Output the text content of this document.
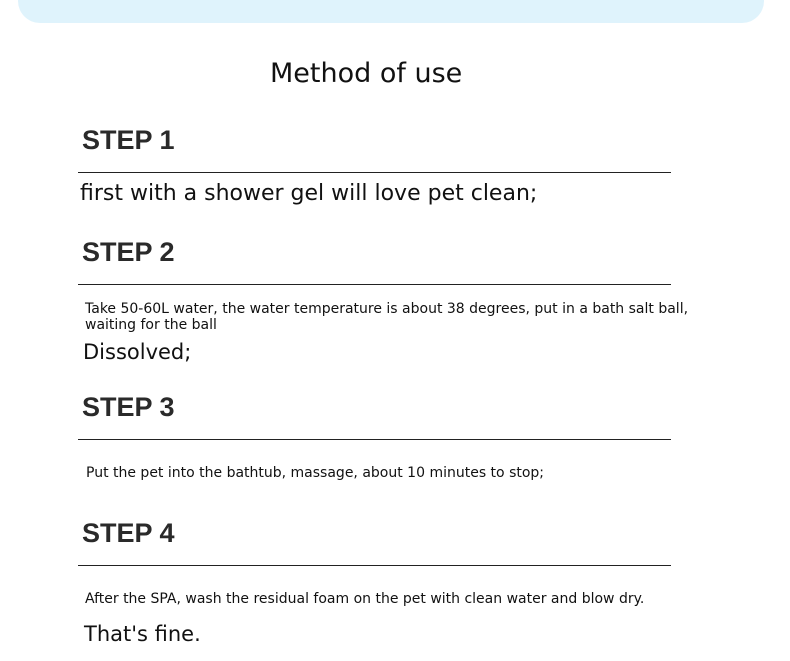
Method of use
STEP 1
first with a shower gel will love pet clean;
STEP 2
Take 50-60L water, the water temperature is about 38 degrees, put in a bath salt ball, waiting for the ball
Dissolved;
STEP 3
Put the pet into the bathtub, massage, about 10 minutes to stop;
STEP 4
After the SPA, wash the residual foam on the pet with clean water and blow dry.
That's fine.
